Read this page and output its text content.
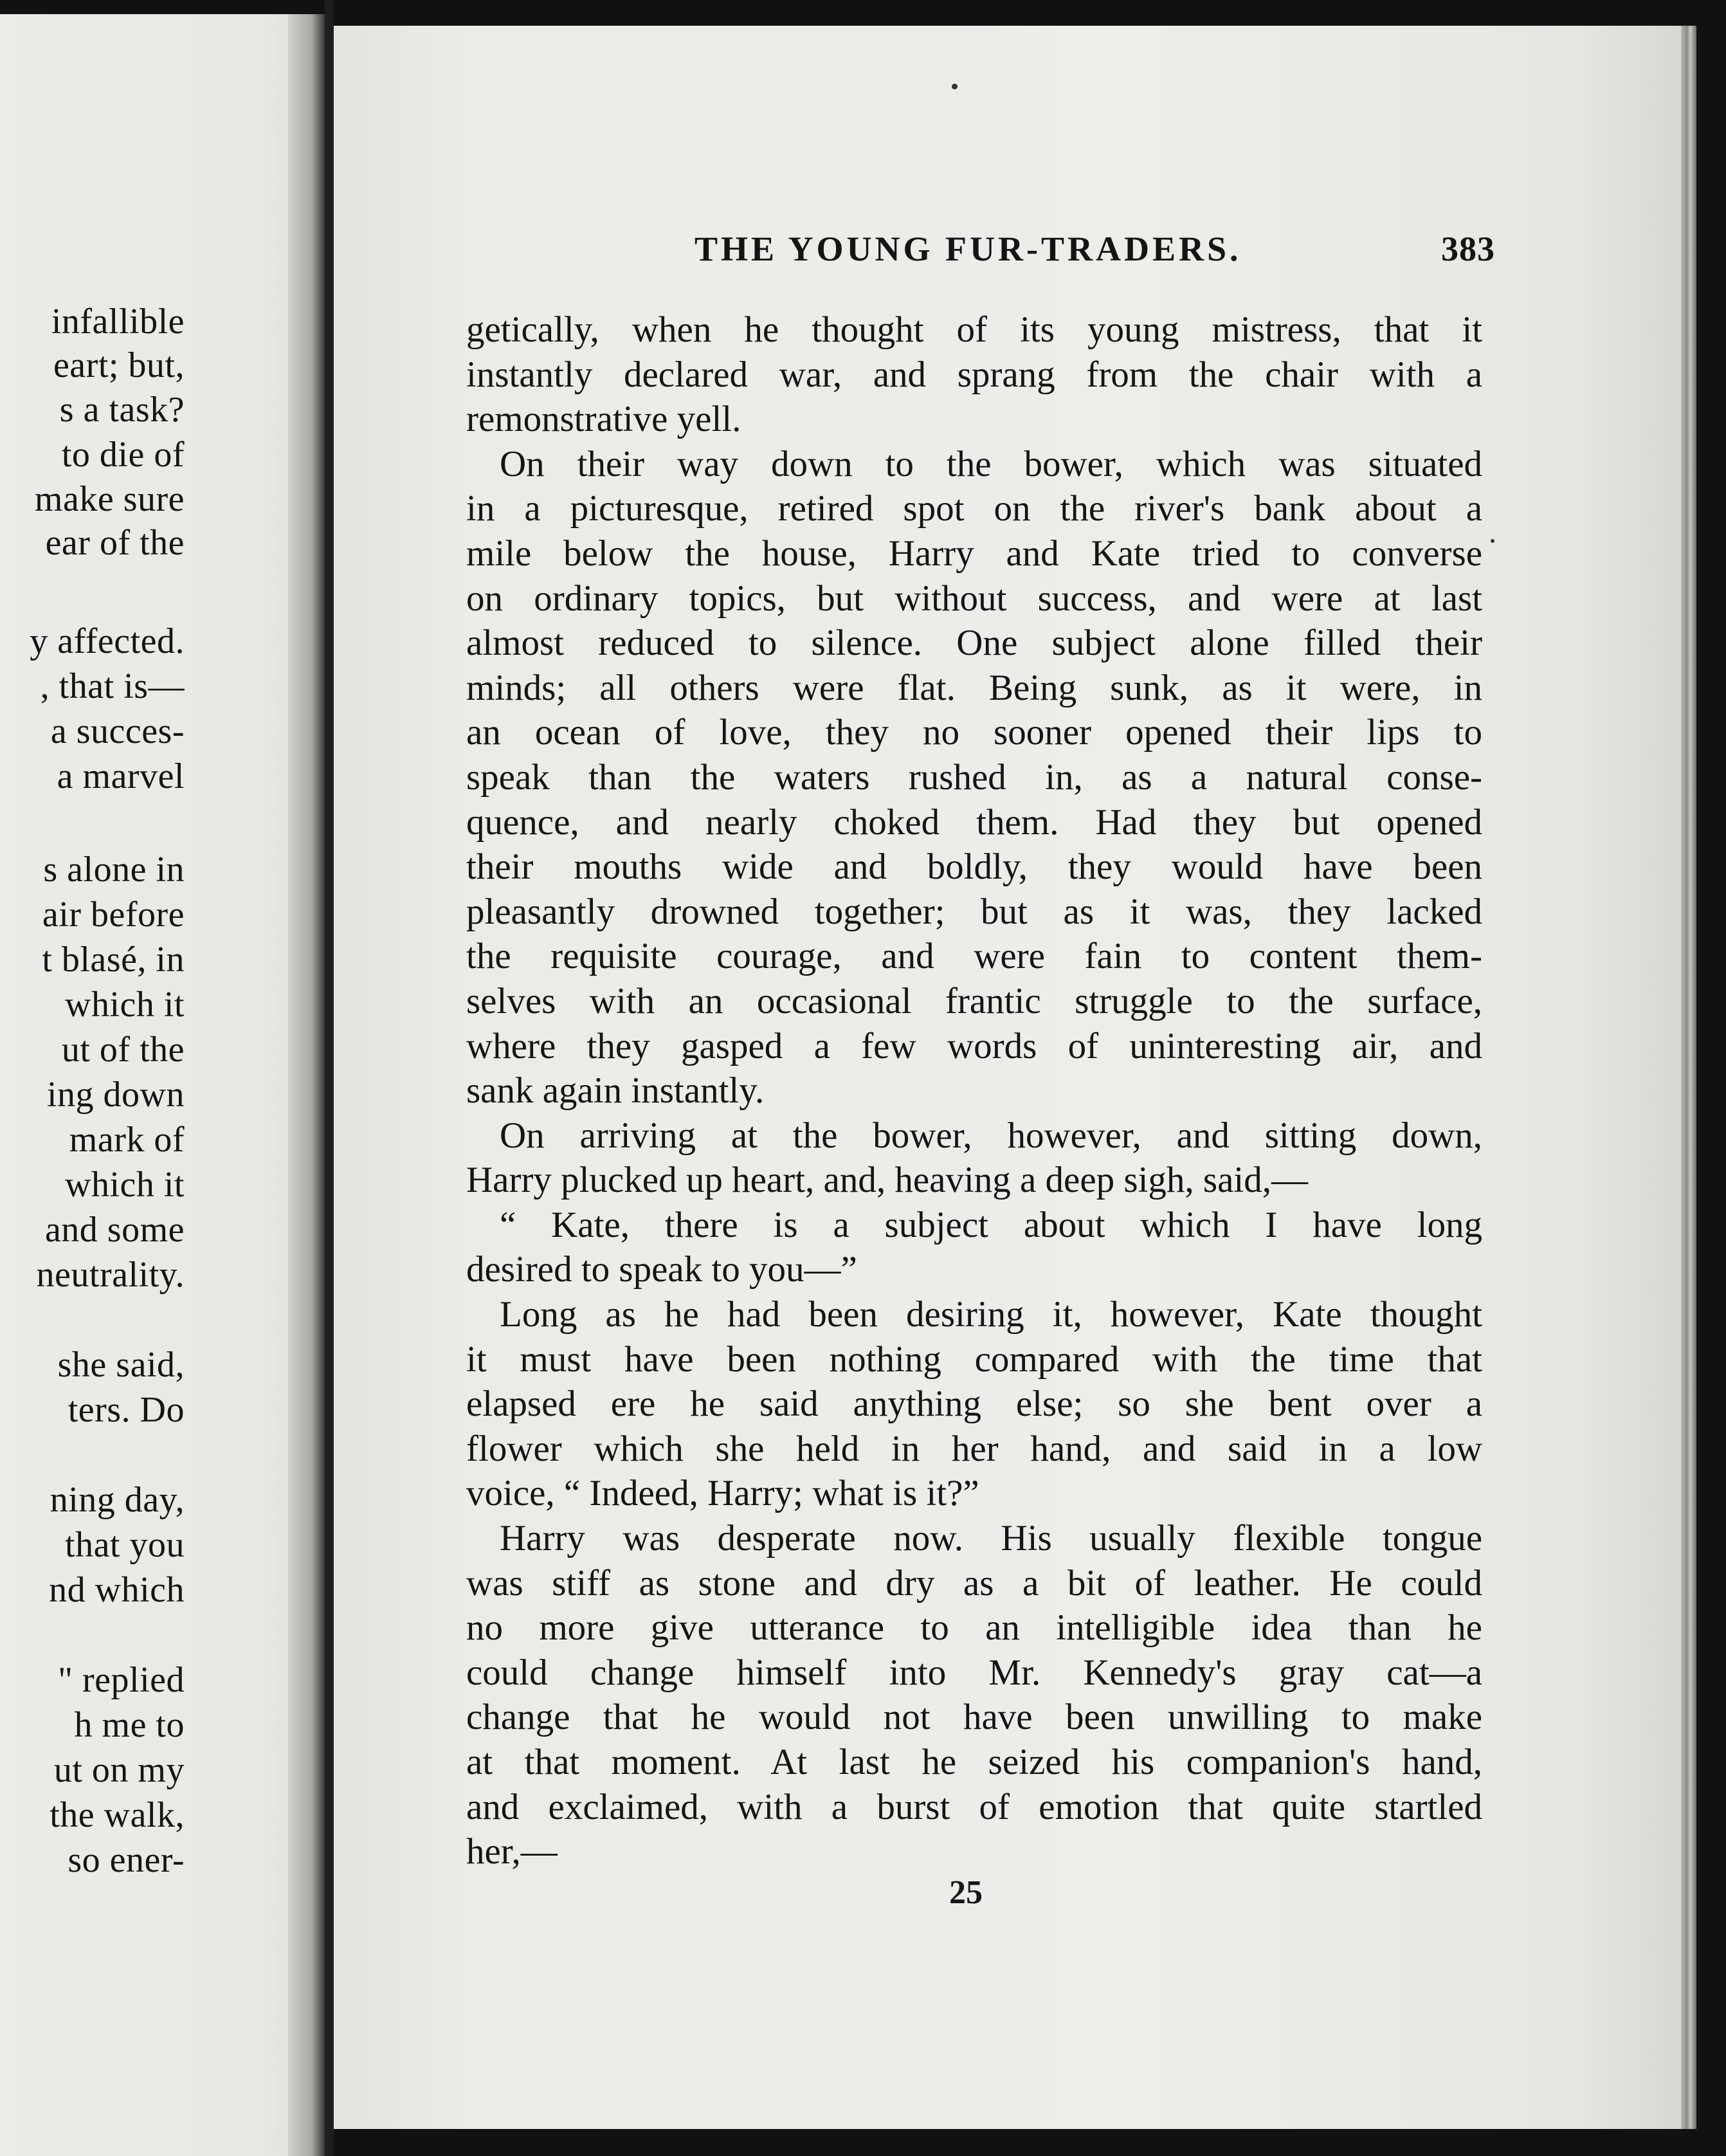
infallible
eart; but,
s a task?
to die of
make sure
ear of the
y affected.
, that is—
a succes-
a marvel
s alone in
air before
t blasé, in
which it
ut of the
ing down
mark of
which it
and some
neutrality.
she said,
ters. Do
ning day,
that you
nd which
" replied
h me to
ut on my
the walk,
so ener-
THE YOUNG FUR-TRADERS.	383
getically, when he thought of its young mistress, that it
instantly declared war, and sprang from the chair with a
remonstrative yell.
On their way down to the bower, which was situated
in a picturesque, retired spot on the river's bank about a
mile below the house, Harry and Kate tried to converse
on ordinary topics, but without success, and were at last
almost reduced to silence. One subject alone filled their
minds; all others were flat. Being sunk, as it were, in
an ocean of love, they no sooner opened their lips to
speak than the waters rushed in, as a natural conse-
quence, and nearly choked them. Had they but opened
their mouths wide and boldly, they would have been
pleasantly drowned together; but as it was, they lacked
the requisite courage, and were fain to content them-
selves with an occasional frantic struggle to the surface,
where they gasped a few words of uninteresting air, and
sank again instantly.
On arriving at the bower, however, and sitting down,
Harry plucked up heart, and, heaving a deep sigh, said,—
“ Kate, there is a subject about which I have long
desired to speak to you—”
Long as he had been desiring it, however, Kate thought
it must have been nothing compared with the time that
elapsed ere he said anything else; so she bent over a
flower which she held in her hand, and said in a low
voice, “ Indeed, Harry; what is it?”
Harry was desperate now. His usually flexible tongue
was stiff as stone and dry as a bit of leather. He could
no more give utterance to an intelligible idea than he
could change himself into Mr. Kennedy's gray cat—a
change that he would not have been unwilling to make
at that moment. At last he seized his companion's hand,
and exclaimed, with a burst of emotion that quite startled
her,—
25
